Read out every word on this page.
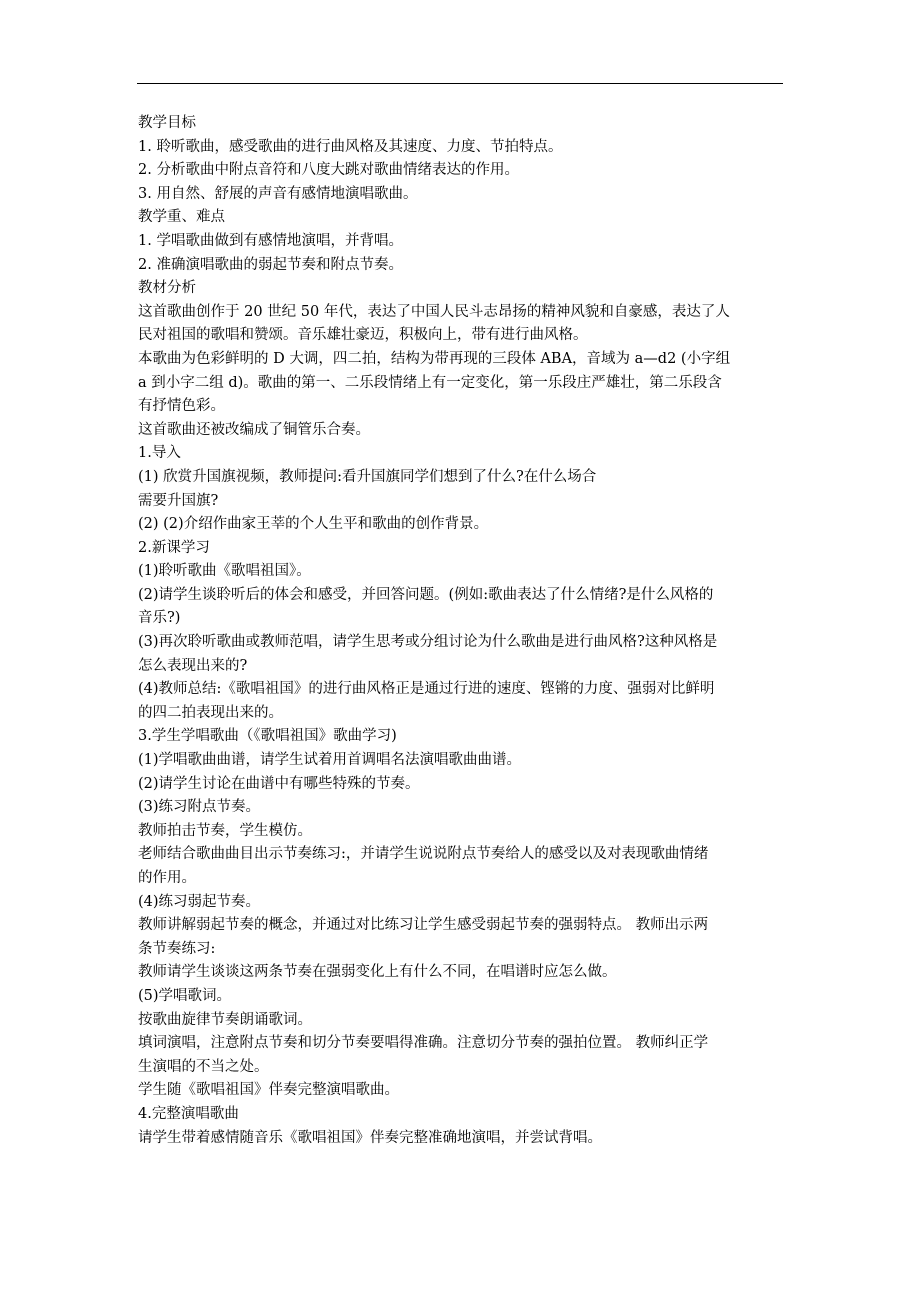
教学目标
1. 聆听歌曲，感受歌曲的进行曲风格及其速度、力度、节拍特点。
2. 分析歌曲中附点音符和八度大跳对歌曲情绪表达的作用。
3. 用自然、舒展的声音有感情地演唱歌曲。
教学重、难点
1. 学唱歌曲做到有感情地演唱，并背唱。
2. 准确演唱歌曲的弱起节奏和附点节奏。
教材分析
这首歌曲创作于 20 世纪 50 年代，表达了中国人民斗志昂扬的精神风貌和自豪感，表达了人
民对祖国的歌唱和赞颂。音乐雄壮豪迈，积极向上，带有进行曲风格。
本歌曲为色彩鲜明的 D 大调，四二拍，结构为带再现的三段体 ABA，音域为 a—d2 (小字组
a 到小字二组 d)。歌曲的第一、二乐段情绪上有一定变化，第一乐段庄严雄壮，第二乐段含
有抒情色彩。
这首歌曲还被改编成了铜管乐合奏。
1.导入
(1) 欣赏升国旗视频，教师提问:看升国旗同学们想到了什么?在什么场合
需要升国旗?
(2) (2)介绍作曲家王莘的个人生平和歌曲的创作背景。
2.新课学习
(1)聆听歌曲《歌唱祖国》。
(2)请学生谈聆听后的体会和感受，并回答问题。(例如:歌曲表达了什么情绪?是什么风格的
音乐?)
(3)再次聆听歌曲或教师范唱，请学生思考或分组讨论为什么歌曲是进行曲风格?这种风格是
怎么表现出来的?
(4)教师总结:《歌唱祖国》的进行曲风格正是通过行进的速度、铿锵的力度、强弱对比鲜明
的四二拍表现出来的。
3.学生学唱歌曲（《歌唱祖国》歌曲学习)
(1)学唱歌曲曲谱，请学生试着用首调唱名法演唱歌曲曲谱。
(2)请学生讨论在曲谱中有哪些特殊的节奏。
(3)练习附点节奏。
教师拍击节奏，学生模仿。
老师结合歌曲曲目出示节奏练习:，并请学生说说附点节奏给人的感受以及对表现歌曲情绪
的作用。
(4)练习弱起节奏。
教师讲解弱起节奏的概念，并通过对比练习让学生感受弱起节奏的强弱特点。 教师出示两
条节奏练习:
教师请学生谈谈这两条节奏在强弱变化上有什么不同，在唱谱时应怎么做。
(5)学唱歌词。
按歌曲旋律节奏朗诵歌词。
填词演唱，注意附点节奏和切分节奏要唱得准确。注意切分节奏的强拍位置。 教师纠正学
生演唱的不当之处。
学生随《歌唱祖国》伴奏完整演唱歌曲。
4.完整演唱歌曲
请学生带着感情随音乐《歌唱祖国》伴奏完整准确地演唱，并尝试背唱。
